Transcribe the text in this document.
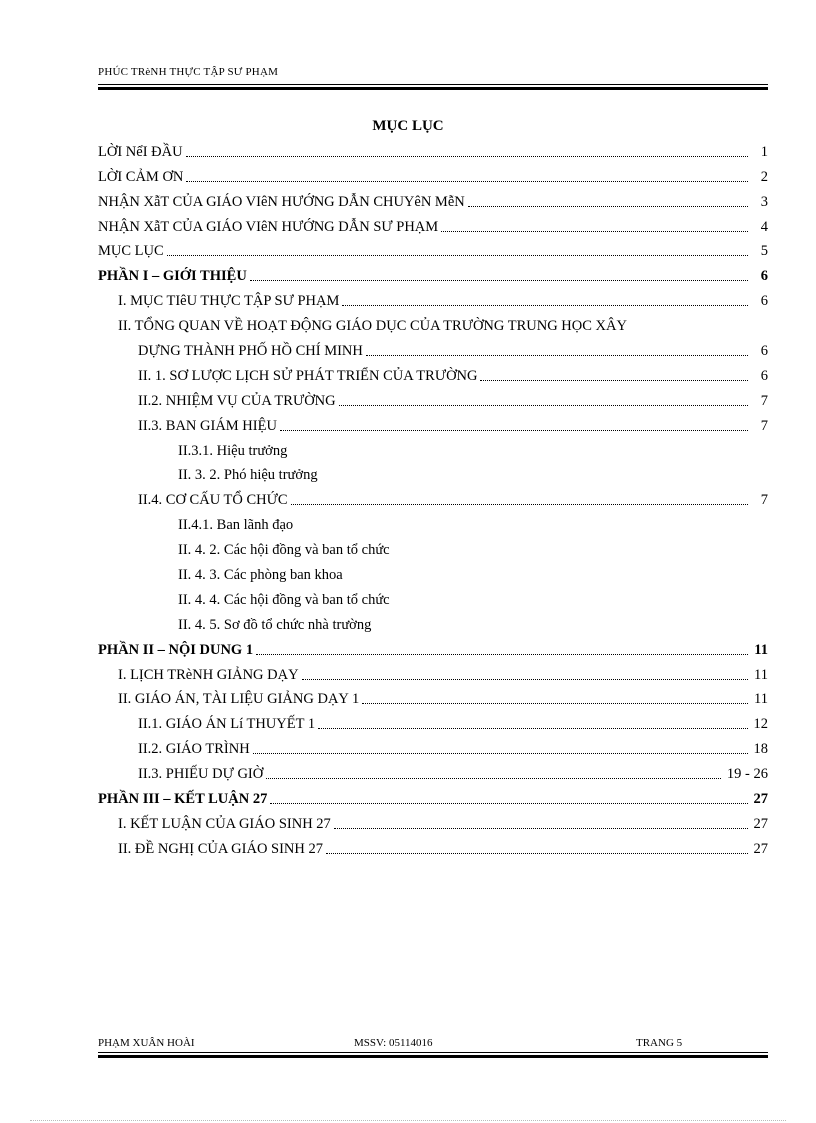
PHÚC TRèNH THỰC TẬP SƯ PHẠM
MỤC LỤC
LỜI NểI ĐẦU	1
LỜI CẢM ƠN	2
NHẬN XẫT CỦA GIÁO VIêN HƯỚNG DẪN CHUYêN MễN	3
NHẬN XẫT CỦA GIÁO VIêN HƯỚNG DẪN SƯ PHẠM	4
MỤC LỤC	5
PHẦN I – GIỚI THIỆU	6
I. MỤC TIêU THỰC TẬP SƯ PHẠM	6
II. TỔNG QUAN VỀ HOẠT ĐỘNG GIÁO DỤC CỦA TRƯỜNG TRUNG HỌC XÂY
DỰNG THÀNH PHỐ HỒ CHÍ MINH	6
II. 1. SƠ LƯỢC LỊCH SỬ PHÁT TRIỂN CỦA TRƯỜNG	6
II.2. NHIỆM VỤ CỦA TRƯỜNG	7
II.3. BAN GIÁM HIỆU	7
II.3.1. Hiệu trưởng
II. 3. 2. Phó hiệu trưởng
II.4. CƠ CẤU TỔ CHỨC	7
II.4.1. Ban lãnh đạo
II. 4. 2. Các hội đồng và ban tổ chức
II. 4. 3. Các phòng ban khoa
II. 4. 4. Các hội đồng và ban tổ chức
II. 4. 5. Sơ đồ tổ chức nhà trường
PHẦN II – NỘI DUNG 1	11
I. LỊCH TRèNH GIẢNG DẠY	11
II. GIÁO ÁN, TÀI LIỆU GIẢNG DẠY 1	11
II.1. GIÁO ÁN Lí THUYẾT 1	12
II.2. GIÁO TRÌNH	18
II.3. PHIẾU DỰ GIỜ	19 - 26
PHẦN III – KẾT LUẬN 27	27
I. KẾT LUẬN CỦA GIÁO SINH 27	27
II. ĐỀ NGHỊ CỦA GIÁO SINH 27	27
PHẠM XUÂN HOÀI	MSSV: 05114016	TRANG 5
